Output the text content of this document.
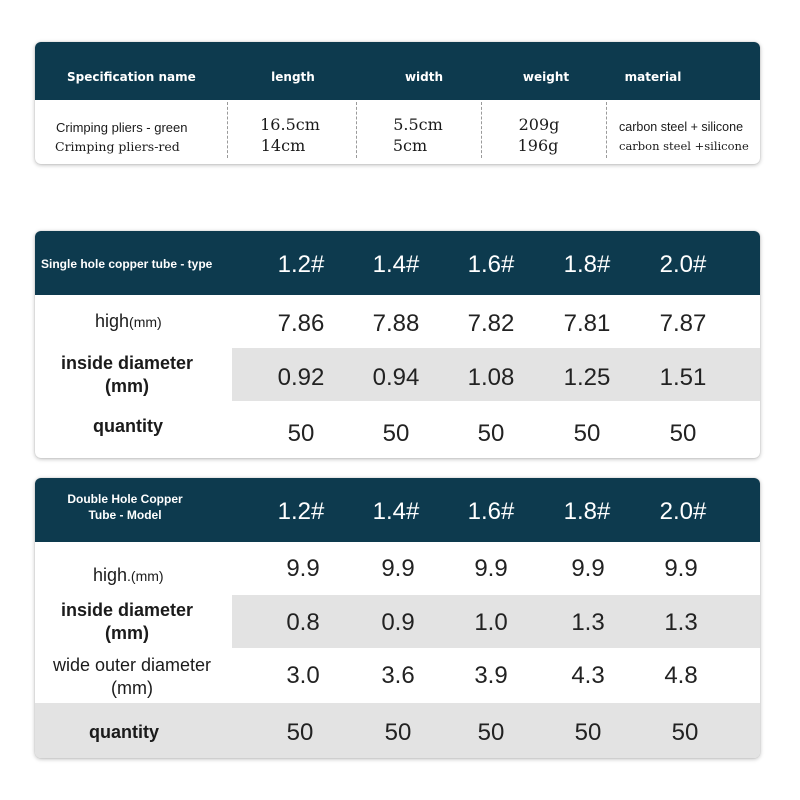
Specification name	length	width	weight	material
Crimping pliers - green	16.5cm	5.5cm	209g	carbon steel + silicone
Crimping pliers-red	14cm	5cm	196g	carbon steel +silicone
Single hole copper tube - type	1.2# 1.4# 1.6# 1.8# 2.0#
high(mm)	7.86 7.88 7.82 7.81 7.87
inside diameter
(mm)	0.92 0.94 1.08 1.25 1.51
quantity	50	50	50	50	50
Double Hole Copper
Tube - Model	1.2# 1.4# 1.6# 1.8# 2.0#
high.(mm)	9.9	9.9 9.9	9.9 9.9
inside diameter
(mm)	0.8	0.9 1.0	1.3 1.3
wide outer diameter
(mm)	3.0	3.6 3.9	4.3 4.8
quantity	50	50	50	50	50
